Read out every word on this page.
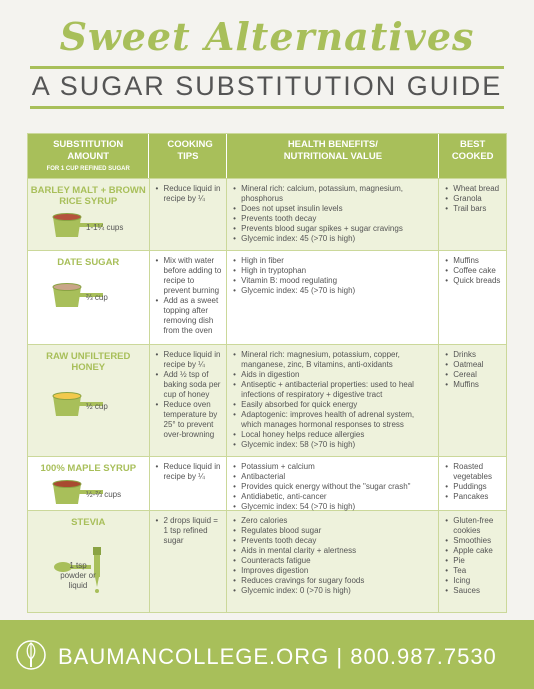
Sweet Alternatives
A SUGAR SUBSTITUTION GUIDE
SUBSTITUTION AMOUNT
FOR 1 CUP REFINED SUGAR
COOKING TIPS
HEALTH BENEFITS/ NUTRITIONAL VALUE
BEST COOKED
BARLEY MALT + BROWN RICE SYRUP
1-1¼ cups
• Reduce liquid in recipe by ¼
• Mineral rich: calcium, potassium, magnesium, phosphorus
• Does not upset insulin levels
• Prevents tooth decay
• Prevents blood sugar spikes + sugar cravings
• Glycemic index: 45 (>70 is high)
• Wheat bread
• Granola
• Trail bars
DATE SUGAR
⅔ cup
• Mix with water before adding to recipe to prevent burning
• Add as a sweet topping after removing dish from the oven
• High in fiber
• High in tryptophan
• Vitamin B: mood regulating
• Glycemic index: 45 (>70 is high)
• Muffins
• Coffee cake
• Quick breads
RAW UNFILTERED HONEY
½ cup
• Reduce liquid in recipe by ¼
• Add ½ tsp of baking soda per cup of honey
• Reduce oven temperature by 25° to prevent over-browning
• Mineral rich: magnesium, potassium, copper, manganese, zinc, B vitamins, anti-oxidants
• Aids in digestion
• Antiseptic + antibacterial properties: used to heal infections of respiratory + digestive tract
• Easily absorbed for quick energy
• Adaptogenic: improves health of adrenal system, which manages hormonal responses to stress
• Local honey helps reduce allergies
• Glycemic index: 58 (>70 is high)
• Drinks
• Oatmeal
• Cereal
• Muffins
100% MAPLE SYRUP
½-⅔ cups
• Reduce liquid in recipe by ¼
• Potassium + calcium
• Antibacterial
• Provides quick energy without the "sugar crash"
• Antidiabetic, anti-cancer
• Glycemic index: 54 (>70 is high)
• Roasted vegetables
• Puddings
• Pancakes
STEVIA
1 tsp powder or liquid
• 2 drops liquid = 1 tsp refined sugar
• Zero calories
• Regulates blood sugar
• Prevents tooth decay
• Aids in mental clarity + alertness
• Counteracts fatigue
• Improves digestion
• Reduces cravings for sugary foods
• Glycemic index: 0 (>70 is high)
• Gluten-free cookies
• Smoothies
• Apple cake
• Pie
• Tea
• Icing
• Sauces
BAUMANCOLLEGE.ORG | 800.987.7530
